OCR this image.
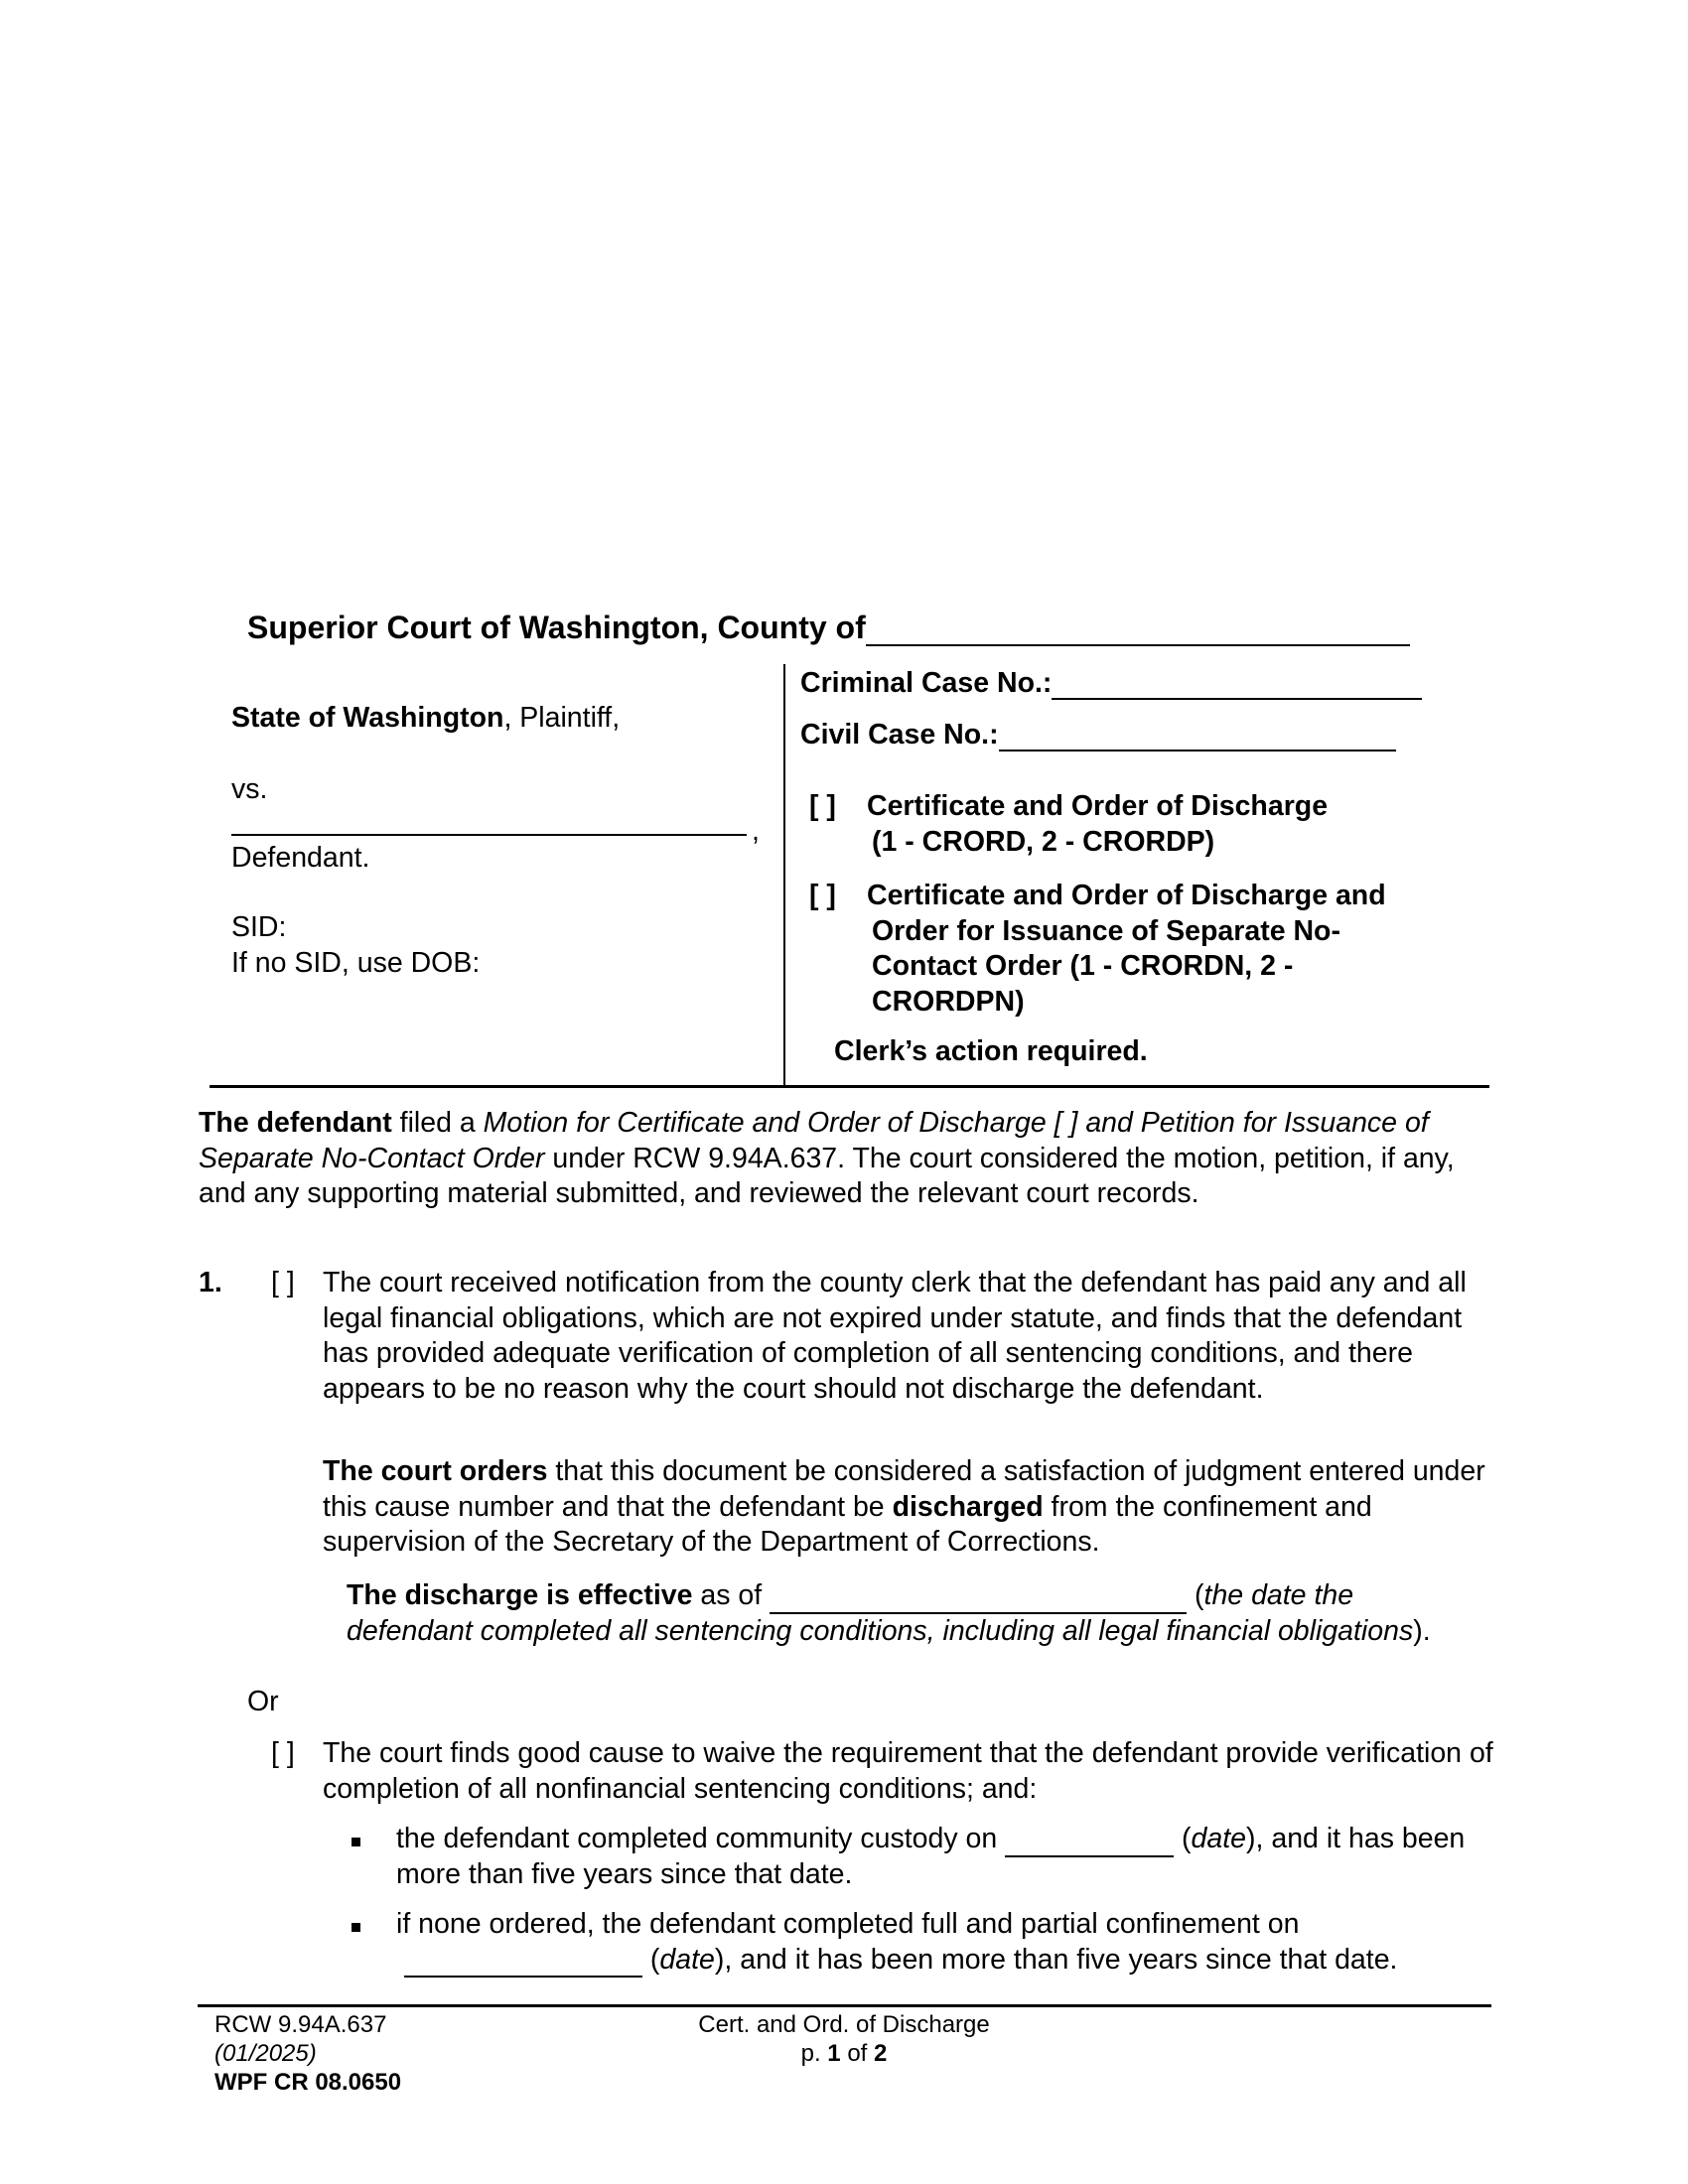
Superior Court of Washington, County of
State of Washington, Plaintiff,
vs.
,
Defendant.
SID:
If no SID, use DOB:
Criminal Case No.:
Civil Case No.:
[ ] Certificate and Order of Discharge
(1 - CRORD, 2 - CRORDP)
[ ] Certificate and Order of Discharge and
Order for Issuance of Separate No-
Contact Order (1 - CRORDN, 2 -
CRORDPN)
Clerk’s action required.
The defendant filed a Motion for Certificate and Order of Discharge [ ] and Petition for Issuance of Separate No-Contact Order under RCW 9.94A.637. The court considered the motion, petition, if any, and any supporting material submitted, and reviewed the relevant court records.
1. [ ] The court received notification from the county clerk that the defendant has paid any and all legal financial obligations, which are not expired under statute, and finds that the defendant has provided adequate verification of completion of all sentencing conditions, and there appears to be no reason why the court should not discharge the defendant.
The court orders that this document be considered a satisfaction of judgment entered under this cause number and that the defendant be discharged from the confinement and supervision of the Secretary of the Department of Corrections.
The discharge is effective as of	(the date the defendant completed all sentencing conditions, including all legal financial obligations).
Or
[ ] The court finds good cause to waive the requirement that the defendant provide verification of completion of all nonfinancial sentencing conditions; and:
the defendant completed community custody on	(date), and it has been more than five years since that date.
if none ordered, the defendant completed full and partial confinement on
(date), and it has been more than five years since that date.
RCW 9.94A.637
(01/2025)
WPF CR 08.0650
Cert. and Ord. of Discharge
p. 1 of 2
